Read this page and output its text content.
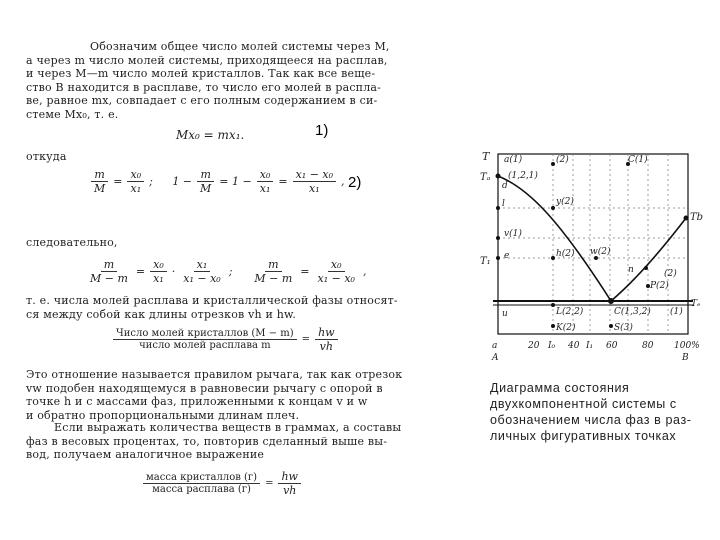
Обозначим общее число молей системы через M,
а через m число молей системы, приходящееся на расплав,
и через M—m число молей кристаллов. Так как все веще-
ство B находится в расплаве, то число его молей в распла-
ве, равное mx, совпадает с его полным содержанием в си-
стеме Mx₀, т. е.
Mx₀ = mx₁.	1)
откуда
$\frac{m}{M} = \frac{\text{x₀}}{\text{x₁}}$ ; $1 - \frac{m}{M} = 1 - \frac{\text{x₀}}{\text{x₁}} = \frac{\text{x₁ − x₀}}{\text{x₁}}$ , 2)
следовательно,
$\frac{m}{M - m} = \frac{\text{x₀}}{\text{x₁}} \cdot \frac{\text{x₁}}{\text{x₁ − x₀}}$ ; $\frac{m}{M - m} = \frac{\text{x₀}}{\text{x₁ − x₀}}$ ,
т. е. числа молей расплава и кристаллической фазы относят-
ся между собой как длины отрезков vh и hw.
$\frac{\text{Число молей кристаллов (M − m)}}{\text{число молей расплава m}} = \frac{hw}{vh}$
Это отношение называется правилом рычага, так как отрезок
vw подобен находящемуся в равновесии рычагу с опорой в
точке h и с массами фаз, приложенными к концам v и w
и обратно пропорциональными длинам плеч.
Если выражать количества веществ в граммах, а составы
фаз в весовых процентах, то, повторив сделанный выше вы-
вод, получаем аналогичное выражение
$\frac{\text{масса кристаллов (г)}}{\text{масса расплава (г)}} = \frac{hw}{vh}$
T
Tₐ
T₁
Tb
Tₑ
a(1)
(1,2,1)
d
(2)	C(1)
l	y(2)
v(1)
e	h(2) w(2)
n
P(2)
u	L(2,2)	C(1,3,2) (1)
K(2)	S(3)
(2)
a
A
20 I₀ 40 I₁ 60	80 100%
B
Диаграмма состояния
двухкомпонентной системы с
обозначением числа фаз в раз-
личных фигуративных точках
